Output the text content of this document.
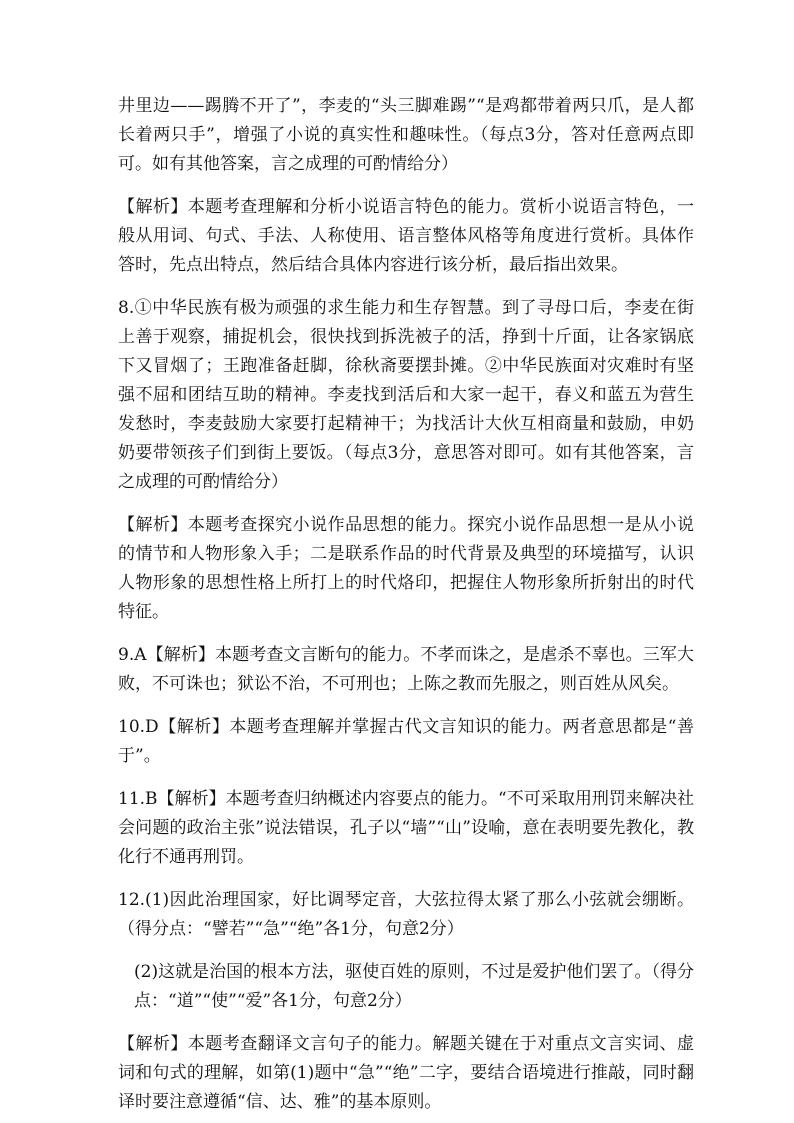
井里边——踢腾不开了”，李麦的“头三脚难踢”“是鸡都带着两只爪，是人都长着两只手”，增强了小说的真实性和趣味性。（每点3分，答对任意两点即可。如有其他答案，言之成理的可酌情给分）

【解析】本题考查理解和分析小说语言特色的能力。赏析小说语言特色，一般从用词、句式、手法、人称使用、语言整体风格等角度进行赏析。具体作答时，先点出特点，然后结合具体内容进行该分析，最后指出效果。

8.①中华民族有极为顽强的求生能力和生存智慧。到了寻母口后，李麦在街上善于观察，捕捉机会，很快找到拆洗被子的活，挣到十斤面，让各家锅底下又冒烟了；王跑准备赶脚，徐秋斋要摆卦摊。②中华民族面对灾难时有坚强不屈和团结互助的精神。李麦找到活后和大家一起干，春义和蓝五为营生发愁时，李麦鼓励大家要打起精神干；为找活计大伙互相商量和鼓励，申奶奶要带领孩子们到街上要饭。（每点3分，意思答对即可。如有其他答案，言之成理的可酌情给分）

【解析】本题考查探究小说作品思想的能力。探究小说作品思想一是从小说的情节和人物形象入手；二是联系作品的时代背景及典型的环境描写，认识人物形象的思想性格上所打上的时代烙印，把握住人物形象所折射出的时代特征。

9.A【解析】本题考查文言断句的能力。不孝而诛之，是虐杀不辜也。三军大败，不可诛也；狱讼不治，不可刑也；上陈之教而先服之，则百姓从风矣。

10.D【解析】本题考查理解并掌握古代文言知识的能力。两者意思都是“善于”。

11.B【解析】本题考查归纳概述内容要点的能力。“不可采取用刑罚来解决社会问题的政治主张”说法错误，孔子以“墙”“山”设喻，意在表明要先教化，教化行不通再刑罚。

12.(1)因此治理国家，好比调琴定音，大弦拉得太紧了那么小弦就会绷断。（得分点：“譬若”“急”“绝”各1分，句意2分）

(2)这就是治国的根本方法，驱使百姓的原则，不过是爱护他们罢了。（得分点：“道”“使”“爱”各1分，句意2分）

【解析】本题考查翻译文言句子的能力。解题关键在于对重点文言实词、虚词和句式的理解，如第(1)题中“急”“绝”二字，要结合语境进行推敲，同时翻译时要注意遵循“信、达、雅”的基本原则。
